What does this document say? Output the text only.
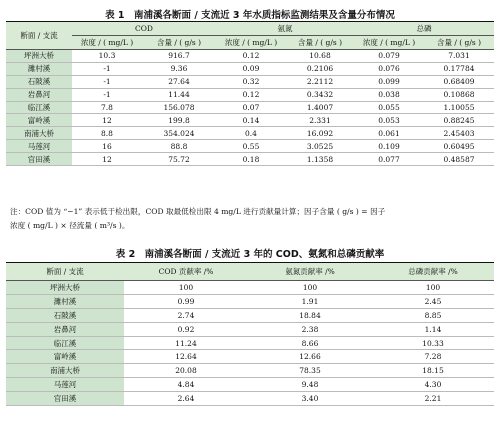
表 1　南浦溪各断面 / 支流近 3 年水质指标监测结果及含量分布情况
断面 / 支流	COD		氨氮		总磷	
	浓度 / ( mg/L )	含量 / ( g/s )	浓度 / ( mg/L )	含量 / ( g/s )	浓度 / ( mg/L )	含量 / ( g/s )
坪洲大桥	10.3	916.7	0.12	10.68	0.079	7.031
濉村溪	-1	9.36	0.09	0.2106	0.076	0.17784
石陂溪	-1	27.64	0.32	2.2112	0.099	0.68409
岩鼻河	-1	11.44	0.12	0.3432	0.038	0.10868
临江溪	7.8	156.078	0.07	1.4007	0.055	1.10055
富岭溪	12	199.8	0.14	2.331	0.053	0.88245
南浦大桥	8.8	354.024	0.4	16.092	0.061	2.45403
马莲河	16	88.8	0.55	3.0525	0.109	0.60495
官田溪	12	75.72	0.18	1.1358	0.077	0.48587
注：COD 值为 “−1” 表示低于检出限，COD 取最低检出限 4 mg/L 进行贡献量计算；因子含量 ( g/s ) = 因子
浓度 ( mg/L ) × 径流量 ( m³/s )。
表 2　南浦溪各断面 / 支流近 3 年的 COD、氨氮和总磷贡献率
断面 / 支流	COD 贡献率 /%	氨氮贡献率 /%	总磷贡献率 /%
坪洲大桥	100	100	100
濉村溪	0.99	1.91	2.45
石陂溪	2.74	18.84	8.85
岩鼻河	0.92	2.38	1.14
临江溪	11.24	8.66	10.33
富岭溪	12.64	12.66	7.28
南浦大桥	20.08	78.35	18.15
马莲河	4.84	9.48	4.30
官田溪	2.64	3.40	2.21
